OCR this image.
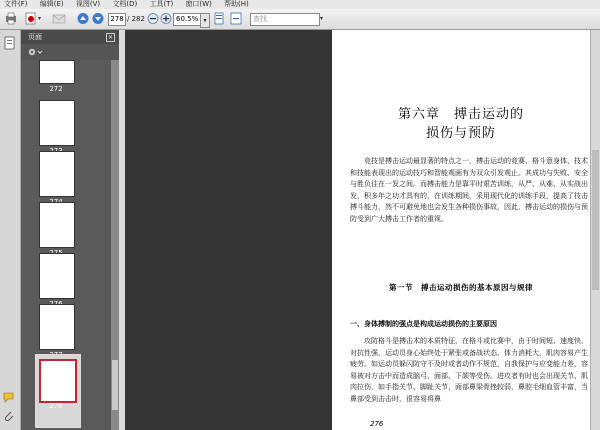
文件(F) 编辑(E) 视图(V) 文档(D) 工具(T) 窗口(W) 帮助(H)
▾	278 / 282	60.5% ▾	查找	▾
页面	×
272
278
第六章　搏击运动的
损伤与预防
竞技是搏击运动最显著的特点之一，搏击运动的竞赛、格斗意身体、技术和技能表现出的运动技巧和智能观画有为双众引发观止。其成功与失败、安全与胜负往在一发之间。而搏击能力是靠平时艰苦训练，从严、从难、从实战出发，积多年之功才具有的，在训练期间，采用现代化的训练手段，提高了技击搏斗能力，然不可避免地也会发生各种损伤事故，因此，搏击运动的损伤与预防受到广大搏击工作者的重视。
第一节　搏击运动损伤的基本原因与规律
一、身体搏制的强点是构成运动损伤的主要原因
攻防格斗是搏击术的本质特征，在格斗或比赛中，由于时间短、速度快、对抗性强，运动员身心始终处于紧张或备战状态，体力消耗大，肌肉容易产生疲劳。如运动员躲闪防守不及时或者动作不规范，自我保护与应变能力差，容易被对方击中而造成脑弓、面部、下颌等受伤。进攻者有时也会出现关节、肌肉拉伤，如手指关节、脚趾关节，面部鼻梁骨挫较弱，鼻腔毛细血管丰富，当鼻部受到击击时，很容易将鼻
276
